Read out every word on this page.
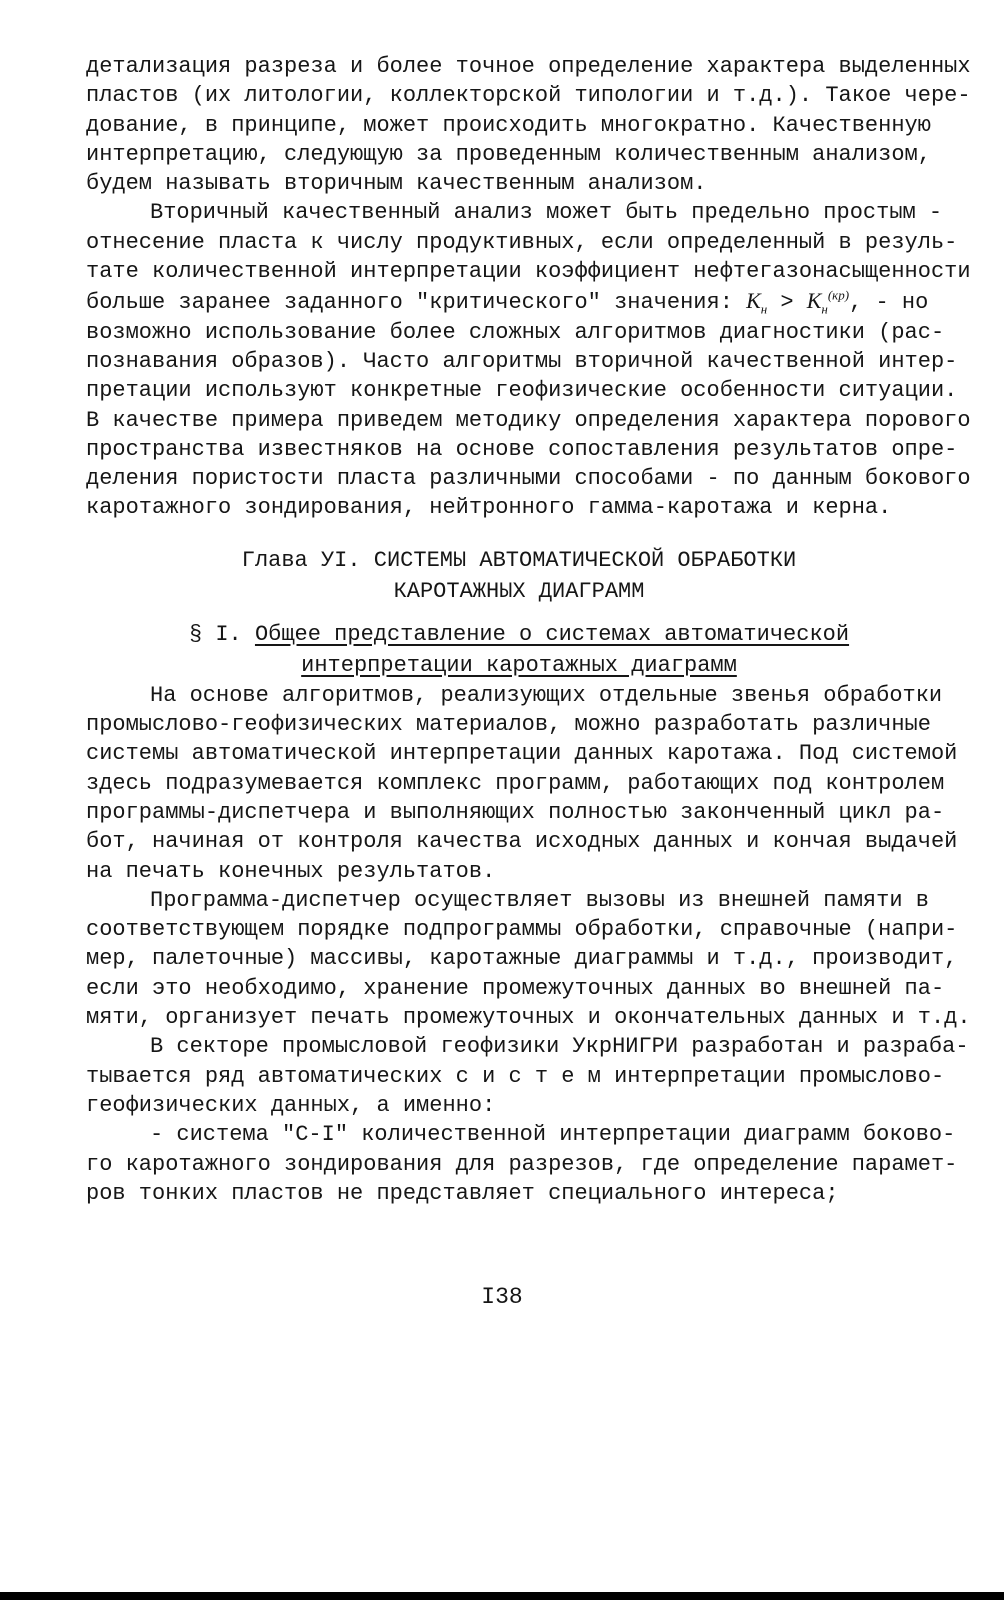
детализация разреза и более точное определение характера выделенных
пластов (их литологии, коллекторской типологии и т.д.). Такое чере-
дование, в принципе, может происходить многократно. Качественную
интерпретацию, следующую за проведенным количественным анализом,
будем называть вторичным качественным анализом.
Вторичный качественный анализ может быть предельно простым -
отнесение пласта к числу продуктивных, если определенный в резуль-
тате количественной интерпретации коэффициент нефтегазонасыщенности
больше заранее заданного "критического" значения: $К_н > К_н^{(кр)}$, - но
возможно использование более сложных алгоритмов диагностики (рас-
познавания образов). Часто алгоритмы вторичной качественной интер-
претации используют конкретные геофизические особенности ситуации.
В качестве примера приведем методику определения характера порового
пространства известняков на основе сопоставления результатов опре-
деления пористости пласта различными способами - по данным бокового
каротажного зондирования, нейтронного гамма-каротажа и керна.
Глава УІ. СИСТЕМЫ АВТОМАТИЧЕСКОЙ ОБРАБОТКИ
КАРОТАЖНЫХ ДИАГРАММ
§ I. Общее представление о системах автоматической
интерпретации каротажных диаграмм
На основе алгоритмов, реализующих отдельные звенья обработки
промыслово-геофизических материалов, можно разработать различные
системы автоматической интерпретации данных каротажа. Под системой
здесь подразумевается комплекс программ, работающих под контролем
программы-диспетчера и выполняющих полностью законченный цикл ра-
бот, начиная от контроля качества исходных данных и кончая выдачей
на печать конечных результатов.
Программа-диспетчер осуществляет вызовы из внешней памяти в
соответствующем порядке подпрограммы обработки, справочные (напри-
мер, палеточные) массивы, каротажные диаграммы и т.д., производит,
если это необходимо, хранение промежуточных данных во внешней па-
мяти, организует печать промежуточных и окончательных данных и т.д.
В секторе промысловой геофизики УкрНИГРИ разработан и разраба-
тывается ряд автоматических с и с т е м интерпретации промыслово-
геофизических данных, а именно:
- система "С-I" количественной интерпретации диаграмм боково-
го каротажного зондирования для разрезов, где определение парамет-
ров тонких пластов не представляет специального интереса;
I38
